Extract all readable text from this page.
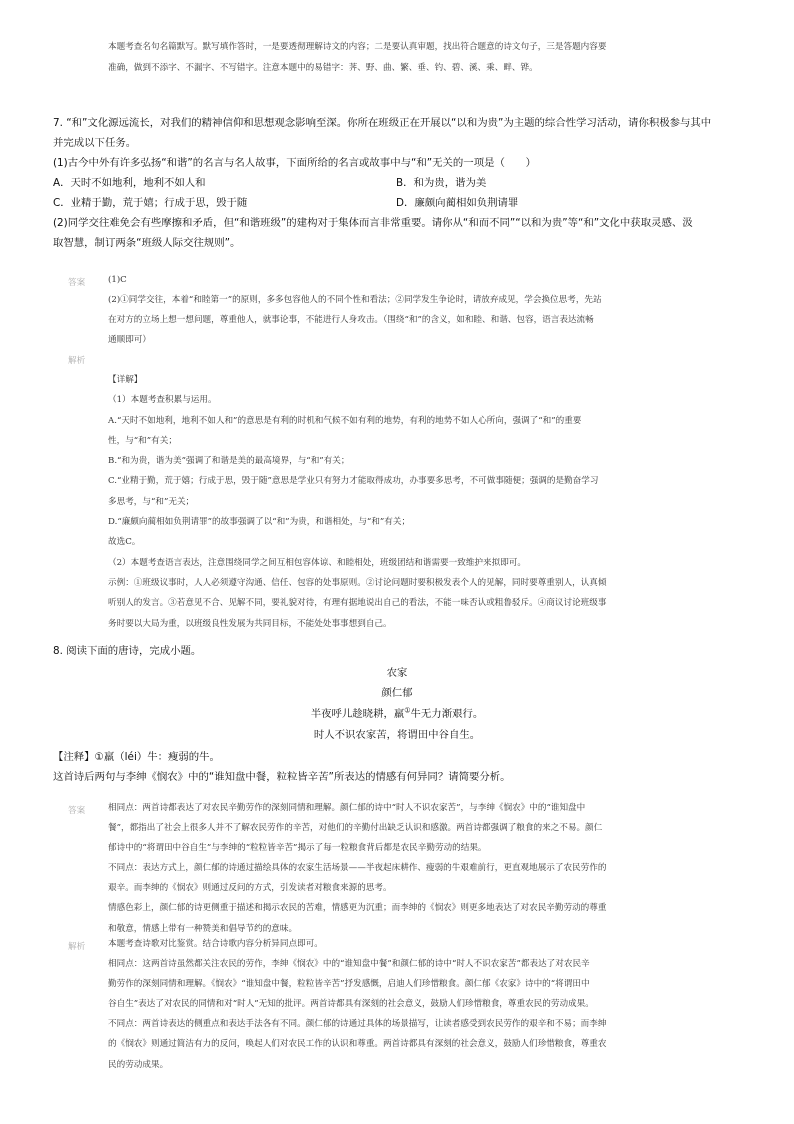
本题考查名句名篇默写。默写填作答时，一是要透彻理解诗文的内容；二是要认真审题，找出符合题意的诗文句子，三是答题内容要
准确，做到不添字、不漏字、不写错字。注意本题中的易错字：荠、野、曲、繁、垂、钓、碧、溪、乘、畔、铧。
7. “和”文化源远流长，对我们的精神信仰和思想观念影响至深。你所在班级正在开展以“以和为贵”为主题的综合性学习活动，请你积极参与其中
并完成以下任务。
(1)古今中外有许多弘扬“和谐”的名言与名人故事，下面所给的名言或故事中与“和”无关的一项是（　　）
A．天时不如地利，地利不如人和	B．和为贵，谐为美
C．业精于勤，荒于嬉；行成于思，毁于随	D．廉颇向蔺相如负荆请罪
(2)同学交往难免会有些摩擦和矛盾，但“和谐班级”的建构对于集体而言非常重要。请你从“和而不同”“以和为贵”等“和”文化中获取灵感、汲
取智慧，制订两条“班级人际交往规则”。
答案	(1)C
(2)①同学交往，本着“和睦第一”的原则，多多包容他人的不同个性和看法；②同学发生争论时，请放弃成见，学会换位思考，先站
在对方的立场上想一想问题，尊重他人，就事论事，不能进行人身攻击。（围绕“和”的含义，如和睦、和谐、包容，语言表达流畅
通顺即可）
解析
【详解】
（1）本题考查积累与运用。
A.“天时不如地利，地利不如人和”的意思是有利的时机和气候不如有利的地势，有利的地势不如人心所向，强调了“和”的重要
性，与“和”有关；
B.“和为贵，谐为美”强调了和谐是美的最高境界，与“和”有关；
C.“业精于勤，荒于嬉；行成于思，毁于随”意思是学业只有努力才能取得成功，办事要多思考，不可做事随便；强调的是勤奋学习
多思考，与“和”无关；
D.“廉颇向蔺相如负荆请罪”的故事强调了以“和”为贵，和谐相处，与“和”有关；
故选C。
（2）本题考查语言表达，注意围绕同学之间互相包容体谅、和睦相处，班级团结和谐需要一致维护来拟即可。
示例：①班级议事时，人人必须遵守沟通、信任、包容的处事原则。②讨论问题时要积极发表个人的见解，同时要尊重别人，认真倾
听别人的发言。③若意见不合、见解不同，要礼貌对待，有理有据地说出自己的看法，不能一味否认或粗鲁驳斥。④商议讨论班级事
务时要以大局为重，以班级良性发展为共同目标，不能处处事事想到自己。
8. 阅读下面的唐诗，完成小题。
农家
颜仁郁
半夜呼儿趁晓耕，羸①牛无力渐艰行。
时人不识农家苦，将谓田中谷自生。
【注释】①羸（léi）牛：瘦弱的牛。
这首诗后两句与李绅《悯农》中的“谁知盘中餐，粒粒皆辛苦”所表达的情感有何异同？请简要分析。
答案	相同点：两首诗都表达了对农民辛勤劳作的深刻同情和理解。颜仁郁的诗中“时人不识农家苦”，与李绅《悯农》中的“谁知盘中
餐”，都指出了社会上很多人并不了解农民劳作的辛苦，对他们的辛勤付出缺乏认识和感激。两首诗都强调了粮食的来之不易。颜仁
郁诗中的“将谓田中谷自生”与李绅的“粒粒皆辛苦”揭示了每一粒粮食背后都是农民辛勤劳动的结果。
不同点：表达方式上，颜仁郁的诗通过描绘具体的农家生活场景——半夜起床耕作、瘦弱的牛艰难前行，更直观地展示了农民劳作的
艰辛。而李绅的《悯农》则通过反问的方式，引发读者对粮食来源的思考。
情感色彩上，颜仁郁的诗更侧重于描述和揭示农民的苦难，情感更为沉重；而李绅的《悯农》则更多地表达了对农民辛勤劳动的尊重
和敬意，情感上带有一种赞美和倡导节约的意味。
解析	本题考查诗歌对比鉴赏。结合诗歌内容分析异同点即可。
相同点：这两首诗虽然都关注农民的劳作，李绅《悯农》中的“谁知盘中餐”和颜仁郁的诗中“时人不识农家苦”都表达了对农民辛
勤劳作的深刻同情和理解。《悯农》“谁知盘中餐，粒粒皆辛苦”抒发感慨，启迪人们珍惜粮食。颜仁郁《农家》诗中的“将谓田中
谷自生”表达了对农民的同情和对“时人”无知的批评。两首诗都具有深刻的社会意义，鼓励人们珍惜粮食，尊重农民的劳动成果。
不同点：两首诗表达的侧重点和表达手法各有不同。颜仁郁的诗通过具体的场景描写，让读者感受到农民劳作的艰辛和不易；而李绅
的《悯农》则通过简洁有力的反问，唤起人们对农民工作的认识和尊重。两首诗都具有深刻的社会意义，鼓励人们珍惜粮食，尊重农
民的劳动成果。
